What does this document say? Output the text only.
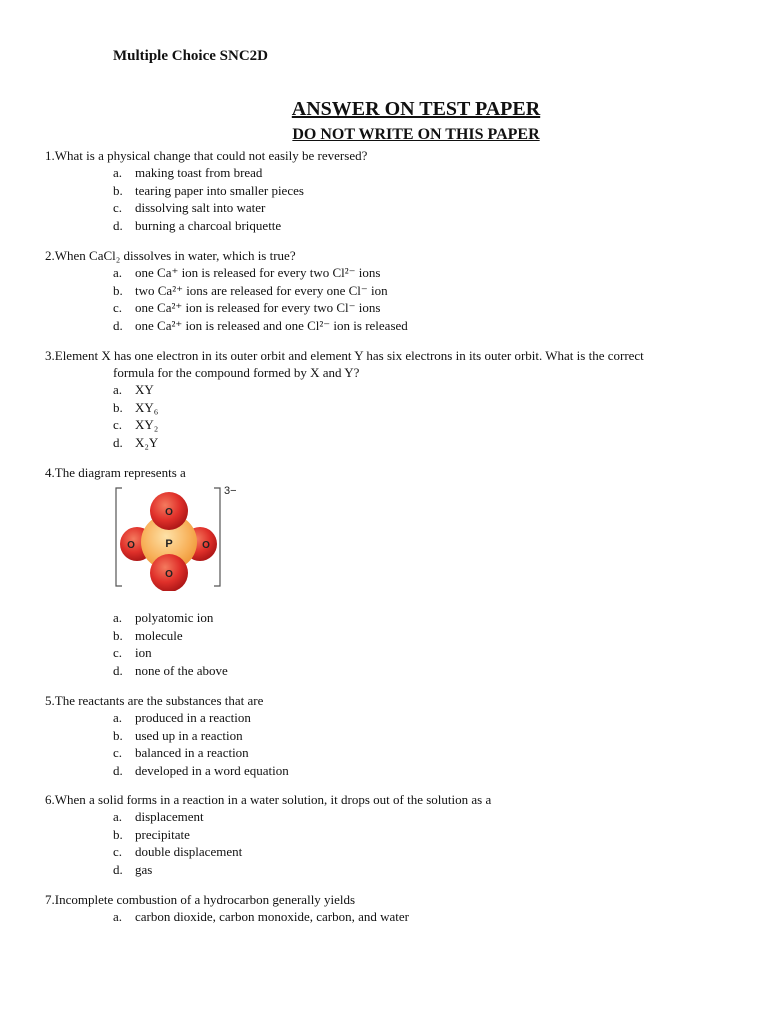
Multiple Choice SNC2D
ANSWER ON TEST PAPER
DO NOT WRITE ON THIS PAPER
1.What is a physical change that could not easily be reversed?
a. making toast from bread
b. tearing paper into smaller pieces
c. dissolving salt into water
d. burning a charcoal briquette
2.When CaCl₂ dissolves in water, which is true?
a. one Ca⁺ ion is released for every two Cl²⁻ ions
b. two Ca²⁺ ions are released for every one Cl⁻ ion
c. one Ca²⁺ ion is released for every two Cl⁻ ions
d. one Ca²⁺ ion is released and one Cl²⁻ ion is released
3.Element X has one electron in its outer orbit and element Y has six electrons in its outer orbit. What is the correct
formula for the compound formed by X and Y?
a. XY
b. XY₆
c. XY₂
d. X₂Y
4.The diagram represents a
3−
O
O	P	O
O
a. polyatomic ion
b. molecule
c. ion
d. none of the above
5.The reactants are the substances that are
a. produced in a reaction
b. used up in a reaction
c. balanced in a reaction
d. developed in a word equation
6.When a solid forms in a reaction in a water solution, it drops out of the solution as a
a. displacement
b. precipitate
c. double displacement
d. gas
7.Incomplete combustion of a hydrocarbon generally yields
a. carbon dioxide, carbon monoxide, carbon, and water
